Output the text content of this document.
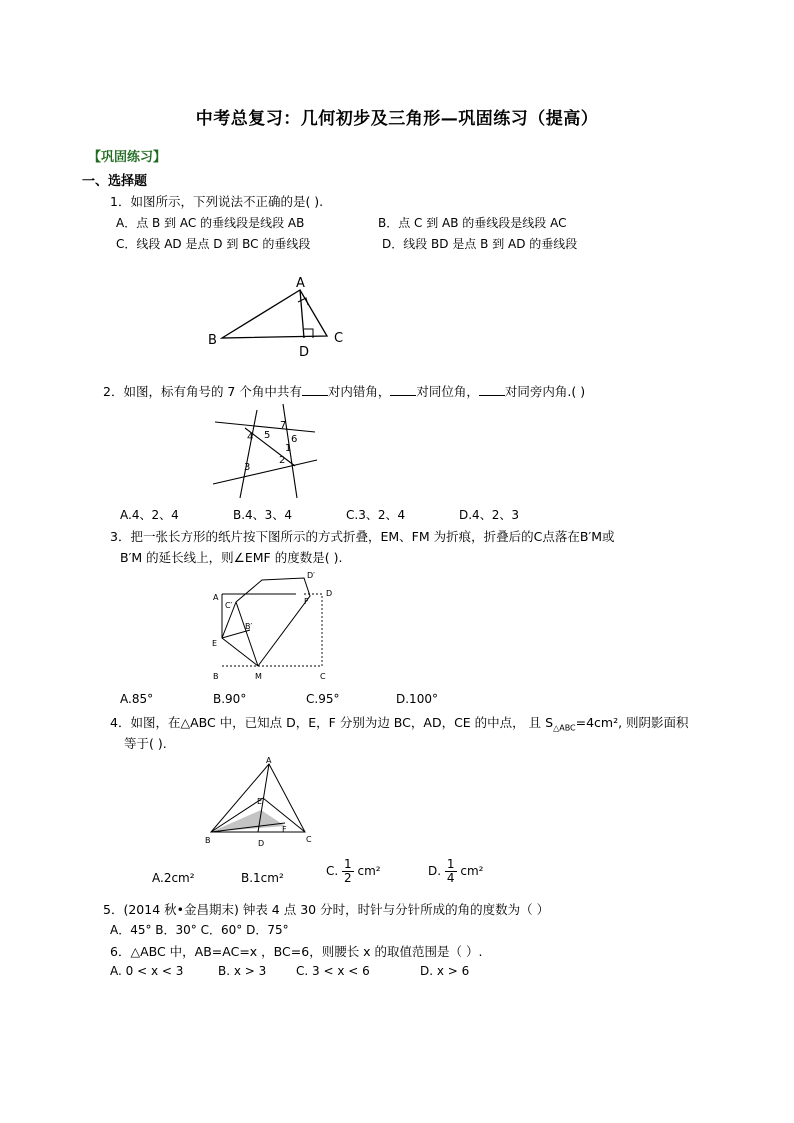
中考总复习：几何初步及三角形—巩固练习（提高）
【巩固练习】
一、选择题
1．如图所示，下列说法不正确的是( ).
A．点 B 到 AC 的垂线段是线段 AB	B．点 C 到 AB 的垂线段是线段 AC
C．线段 AD 是点 D 到 BC 的垂线段	D．线段 BD 是点 B 到 AD 的垂线段
A
B	C
D
2．如图，标有角号的 7 个角中共有 对内错角， 对同位角， 对同旁内角.( )
4 5
7
6
1
2
3
A.4、2、4	B.4、3、4	C.3、2、4	D.4、2、3
3．把一张长方形的纸片按下图所示的方式折叠，EM、FM 为折痕，折叠后的C点落在B′M或
B′M 的延长线上，则∠EMF 的度数是( ).
A
B	C
D
E
F
M
B′
C′
D′
A.85°	B.90°	C.95°	D.100°
4．如图，在△ABC 中，已知点 D，E，F 分别为边 BC，AD，CE 的中点， 且 $S_{\triangle ABC}=4cm^2$, 则阴影面积
等于( ).
A
B	C
D
E
F
A.2cm²	B.1cm²	C. $\frac{1}{2} cm^2$	D. $\frac{1}{4} cm^2$
5．(2014 秋•金昌期末) 钟表 4 点 30 分时，时针与分针所成的角的度数为（ ）
A．45° B．30° C．60° D．75°
6．△ABC 中，AB=AC=x ，BC=6，则腰长 x 的取值范围是（ ）.
A. 0 < x < 3	B. x > 3 C. 3 < x < 6	D. x > 6
